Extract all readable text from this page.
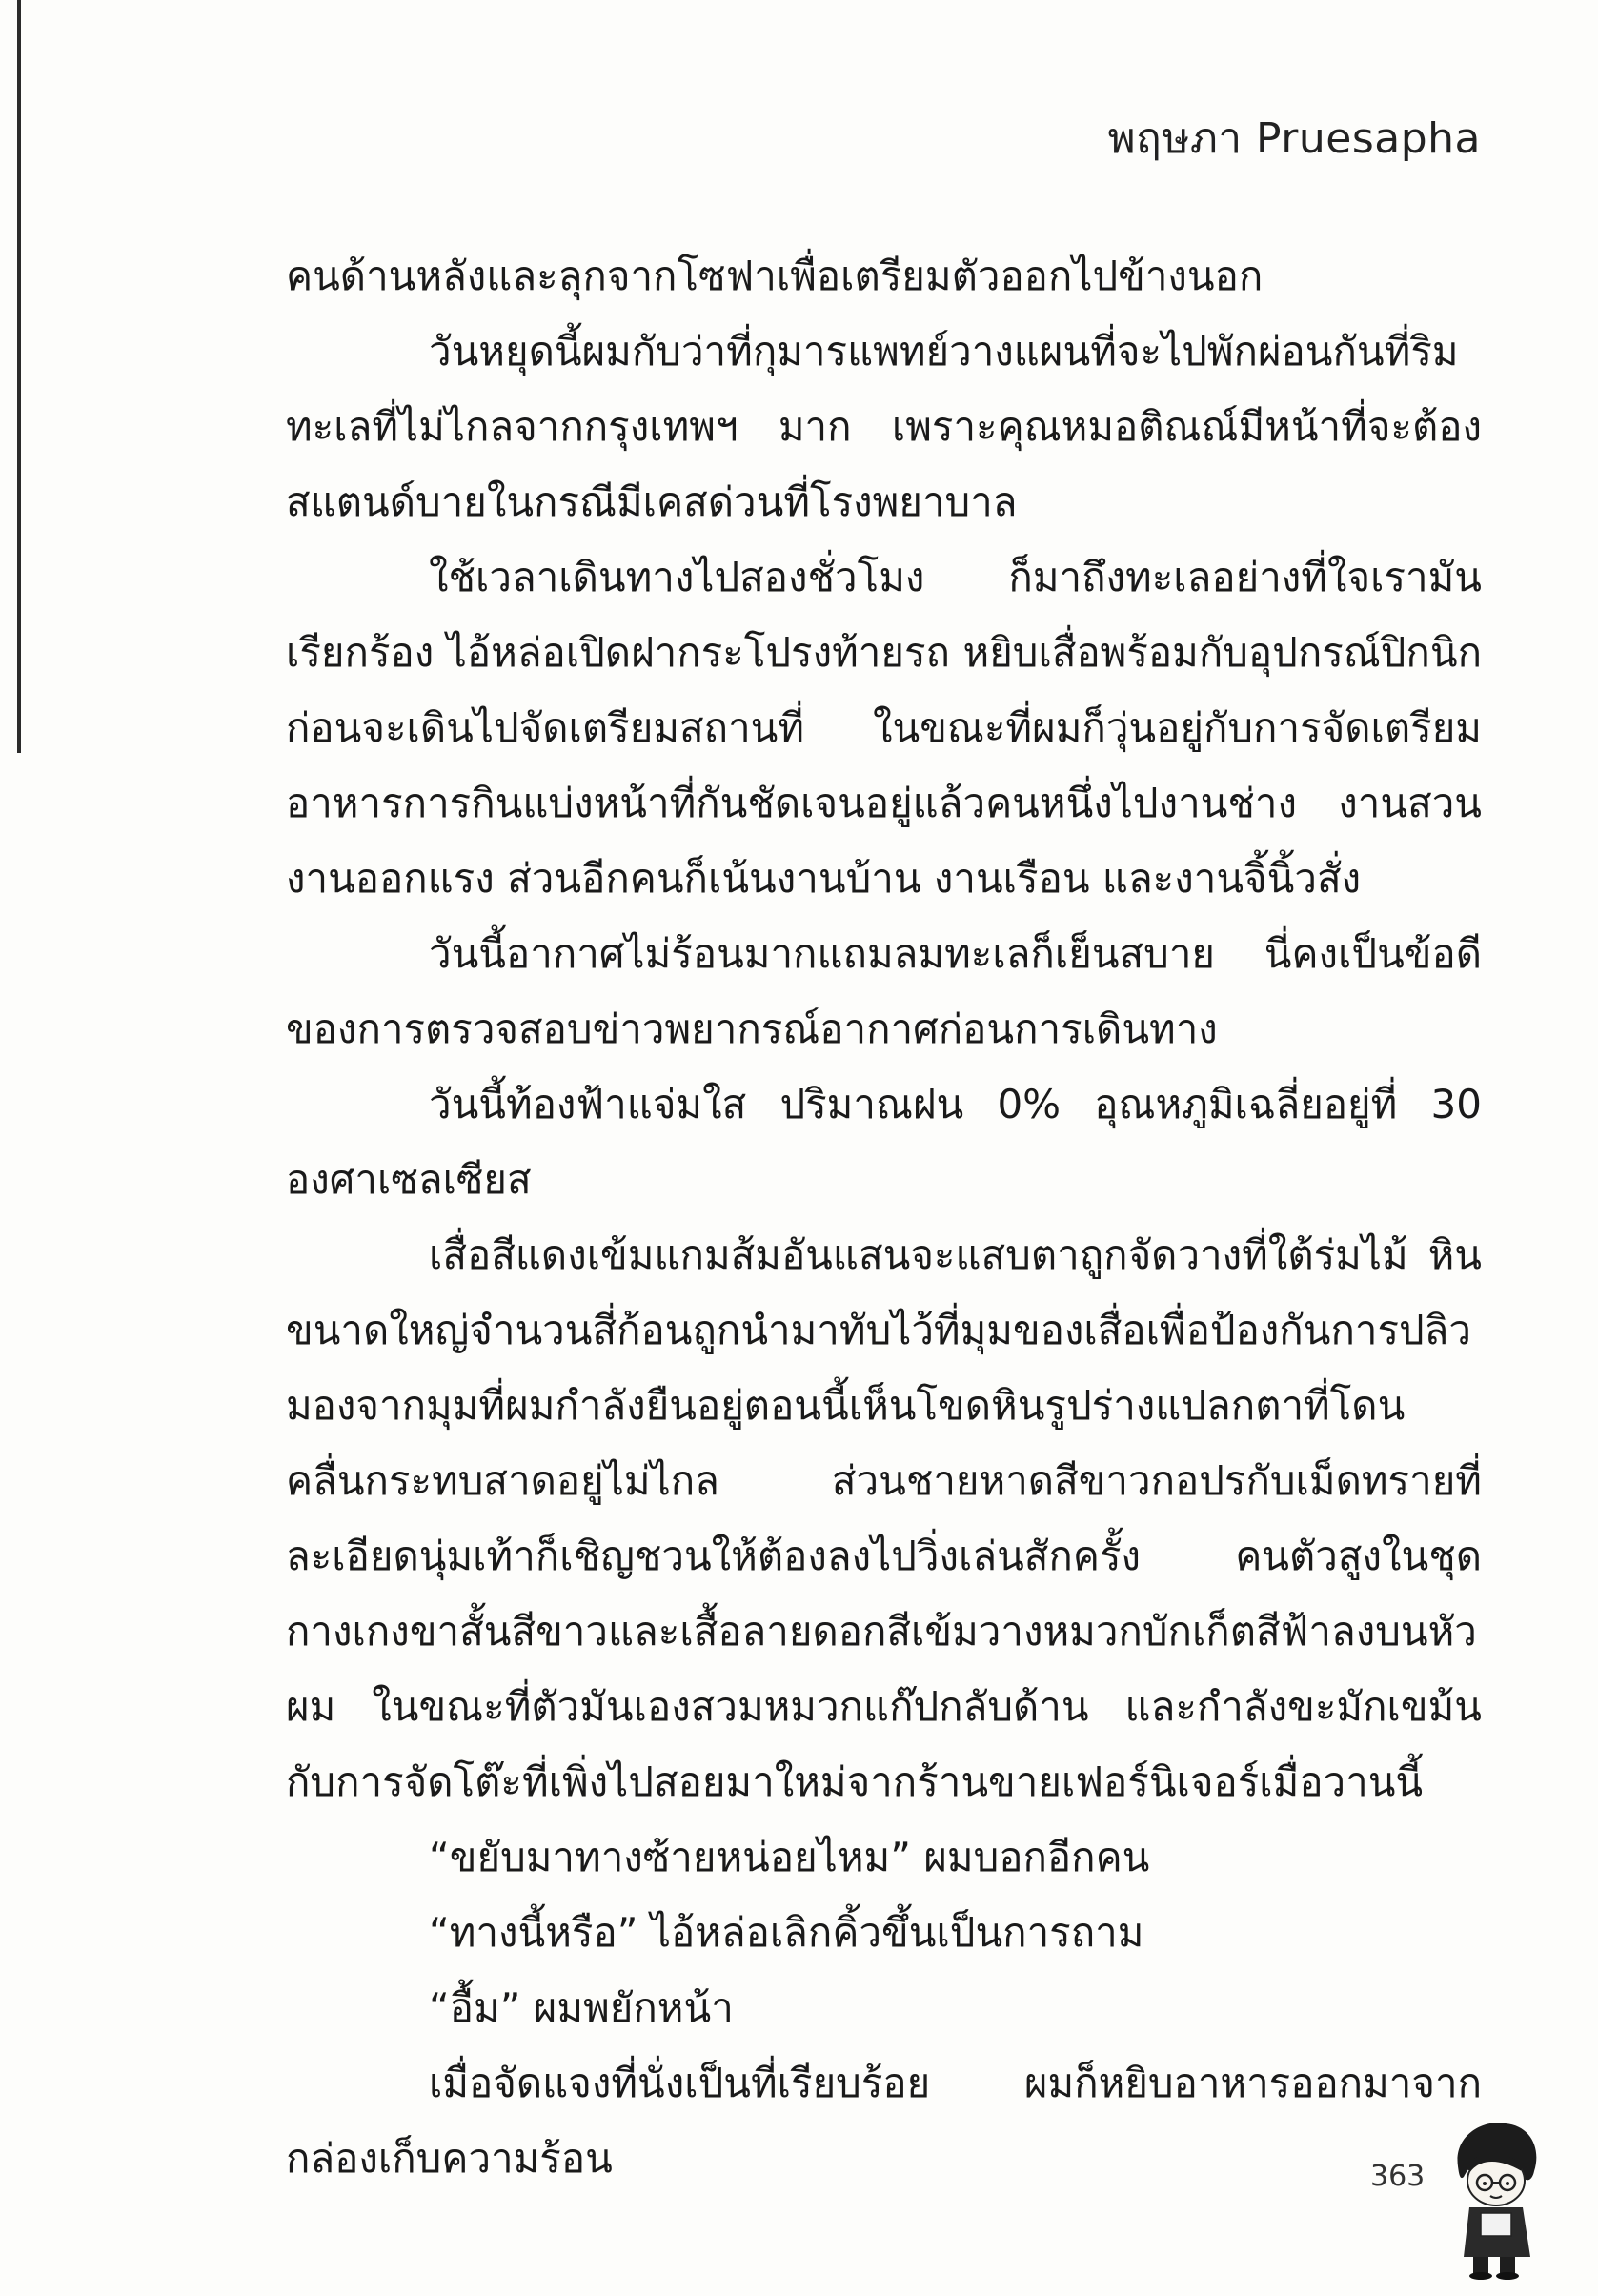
พฤษภา Pruesapha

คนด้านหลังและลุกจากโซฟาเพื่อเตรียมตัวออกไปข้างนอก

วันหยุดนี้ผมกับว่าที่กุมารแพทย์วางแผนที่จะไปพักผ่อนกันที่ริมทะเลที่ไม่ไกลจากกรุงเทพฯ มาก เพราะคุณหมอติณณ์มีหน้าที่จะต้องสแตนด์บายในกรณีมีเคสด่วนที่โรงพยาบาล

ใช้เวลาเดินทางไปสองชั่วโมง ก็มาถึงทะเลอย่างที่ใจเรามันเรียกร้อง ไอ้หล่อเปิดฝากระโปรงท้ายรถ หยิบเสื่อพร้อมกับอุปกรณ์ปิกนิก ก่อนจะเดินไปจัดเตรียมสถานที่ ในขณะที่ผมก็วุ่นอยู่กับการจัดเตรียมอาหารการกินแบ่งหน้าที่กันชัดเจนอยู่แล้วคนหนึ่งไปงานช่าง งานสวน งานออกแรง ส่วนอีกคนก็เน้นงานบ้าน งานเรือน และงานจิ้นิ้วสั่ง

วันนี้อากาศไม่ร้อนมากแถมลมทะเลก็เย็นสบาย นี่คงเป็นข้อดีของการตรวจสอบข่าวพยากรณ์อากาศก่อนการเดินทาง

วันนี้ท้องฟ้าแจ่มใส ปริมาณฝน 0% อุณหภูมิเฉลี่ยอยู่ที่ 30 องศาเซลเซียส

เสื่อสีแดงเข้มแกมส้มอันแสนจะแสบตาถูกจัดวางที่ใต้ร่มไม้ หินขนาดใหญ่จำนวนสี่ก้อนถูกนำมาทับไว้ที่มุมของเสื่อเพื่อป้องกันการปลิว มองจากมุมที่ผมกำลังยืนอยู่ตอนนี้เห็นโขดหินรูปร่างแปลกตาที่โดนคลื่นกระทบสาดอยู่ไม่ไกล ส่วนชายหาดสีขาวกอปรกับเม็ดทรายที่ละเอียดนุ่มเท้าก็เชิญชวนให้ต้องลงไปวิ่งเล่นสักครั้ง คนตัวสูงในชุดกางเกงขาสั้นสีขาวและเสื้อลายดอกสีเข้มวางหมวกบักเก็ตสีฟ้าลงบนหัวผม ในขณะที่ตัวมันเองสวมหมวกแก๊ปกลับด้าน และกำลังขะมักเขม้นกับการจัดโต๊ะที่เพิ่งไปสอยมาใหม่จากร้านขายเฟอร์นิเจอร์เมื่อวานนี้

“ขยับมาทางซ้ายหน่อยไหม” ผมบอกอีกคน

“ทางนี้หรือ” ไอ้หล่อเลิกคิ้วขึ้นเป็นการถาม

“อื้ม” ผมพยักหน้า

เมื่อจัดแจงที่นั่งเป็นที่เรียบร้อย ผมก็หยิบอาหารออกมาจากกล่องเก็บความร้อน	363
